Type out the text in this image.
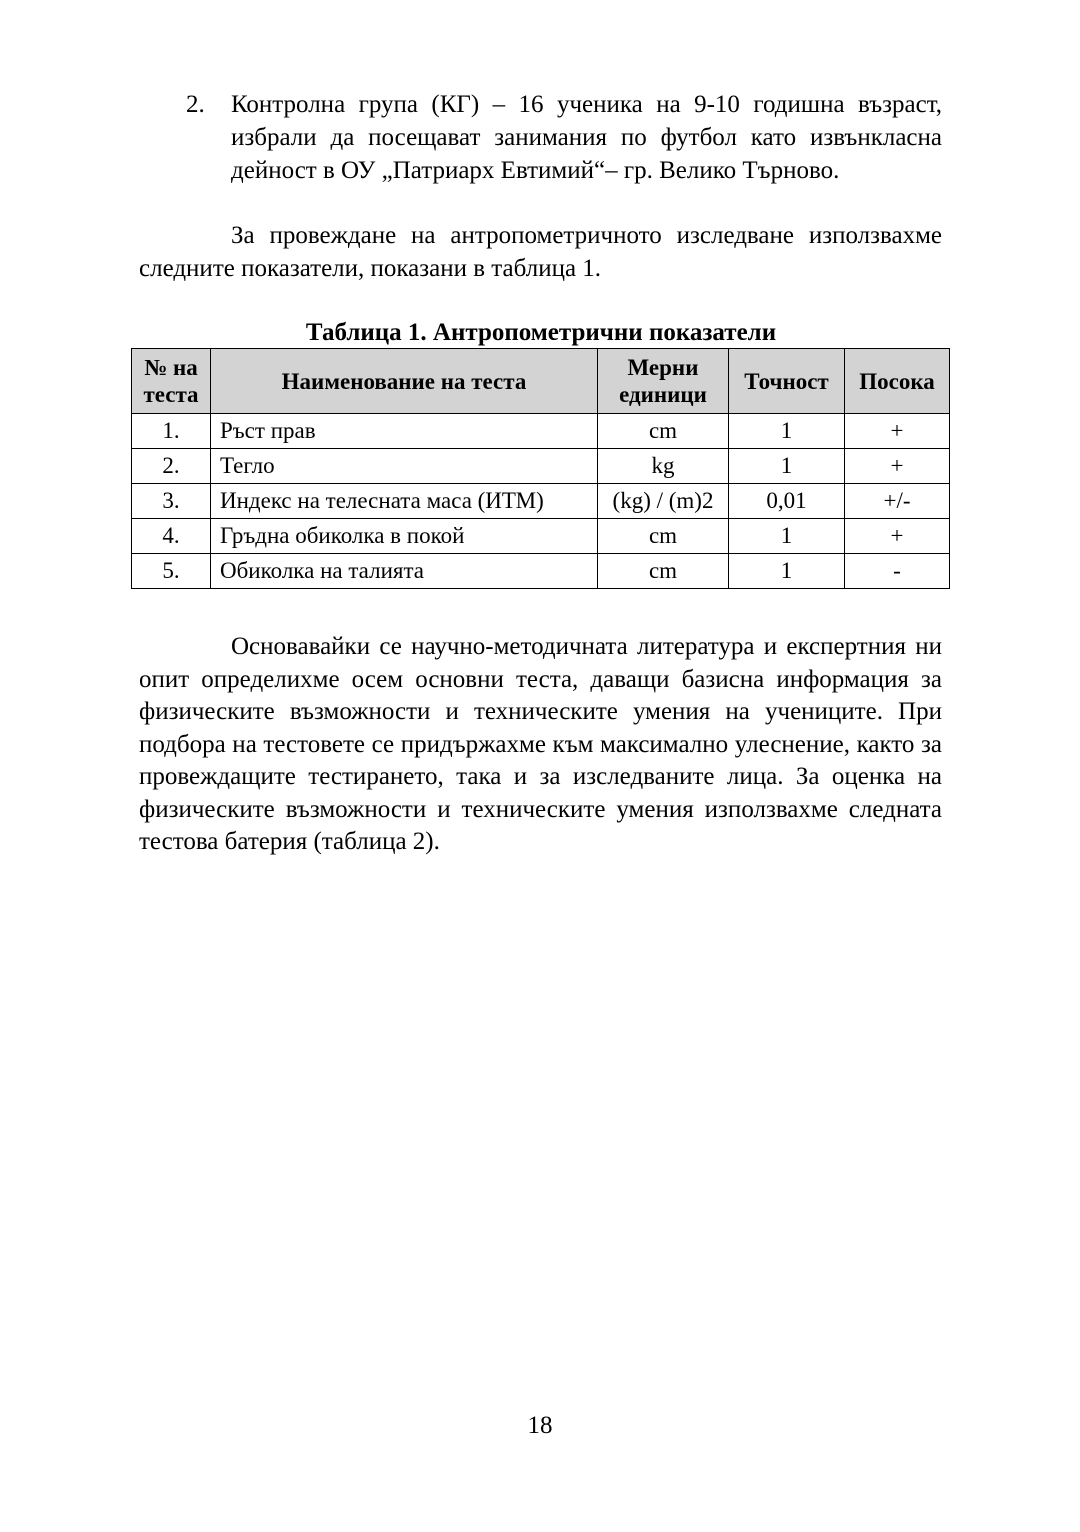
2.	Контролна група (КГ) – 16 ученика на 9-10 годишна възраст, избрали да посещават занимания по футбол като извънкласна дейност в ОУ „Патриарх Евтимий“– гр. Велико Търново.
За провеждане на антропометричното изследване използвахме следните показатели, показани в таблица 1.
Таблица 1. Антропометрични показатели
№ на теста	Наименование на теста	Мерни единици	Точност	Посока
1.	Ръст прав	cm	1	+
2.	Тегло	kg	1	+
3.	Индекс на телесната маса (ИТМ)	(kg) / (m)2	0,01	+/-
4.	Гръдна обиколка в покой	cm	1	+
5.	Обиколка на талията	cm	1	-
Основавайки се научно-методичната литература и експертния ни опит определихме осем основни теста, даващи базисна информация за физическите възможности и техническите умения на учениците. При подбора на тестовете се придържахме към максимално улеснение, както за провеждащите тестирането, така и за изследваните лица. За оценка на физическите възможности и техническите умения използвахме следната тестова батерия (таблица 2).
18
